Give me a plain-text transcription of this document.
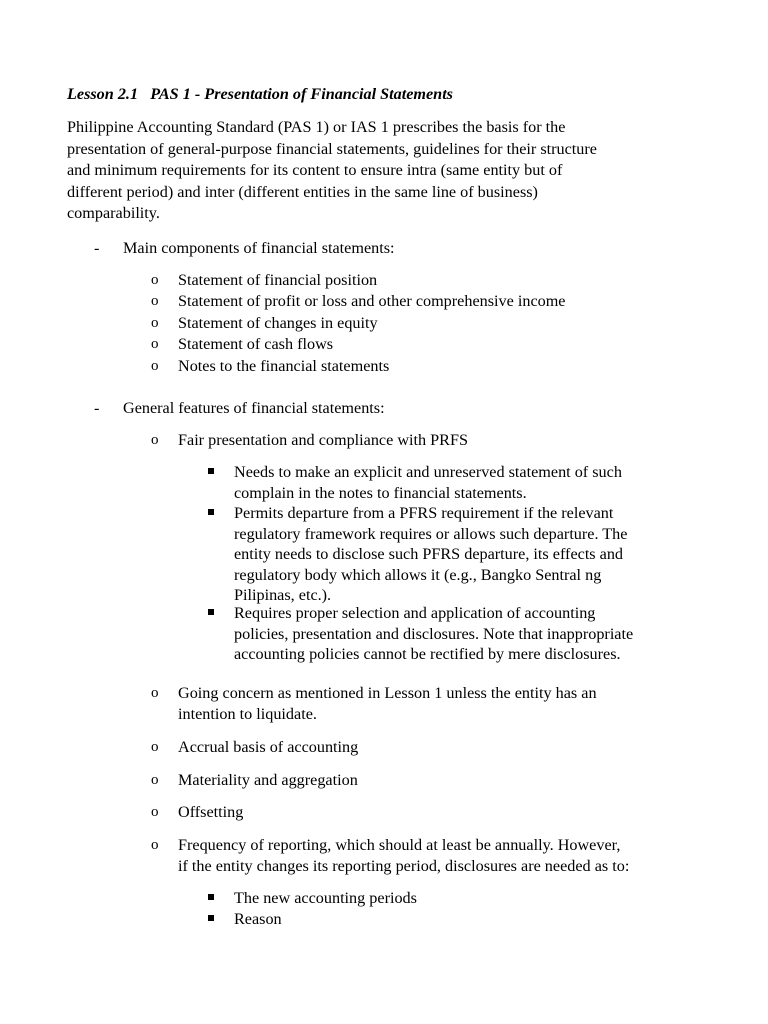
Lesson 2.1   PAS 1 - Presentation of Financial Statements

Philippine Accounting Standard (PAS 1) or IAS 1 prescribes the basis for the
presentation of general-purpose financial statements, guidelines for their structure
and minimum requirements for its content to ensure intra (same entity but of
different period) and inter (different entities in the same line of business)
comparability.

- Main components of financial statements:
o Statement of financial position
o Statement of profit or loss and other comprehensive income
o Statement of changes in equity
o Statement of cash flows
o Notes to the financial statements
- General features of financial statements:
o Fair presentation and compliance with PRFS
Needs to make an explicit and unreserved statement of such
complain in the notes to financial statements.
Permits departure from a PFRS requirement if the relevant
regulatory framework requires or allows such departure. The
entity needs to disclose such PFRS departure, its effects and
regulatory body which allows it (e.g., Bangko Sentral ng
Pilipinas, etc.).
Requires proper selection and application of accounting
policies, presentation and disclosures. Note that inappropriate
accounting policies cannot be rectified by mere disclosures.
o Going concern as mentioned in Lesson 1 unless the entity has an
intention to liquidate.
o Accrual basis of accounting
o Materiality and aggregation
o Offsetting
o Frequency of reporting, which should at least be annually. However,
if the entity changes its reporting period, disclosures are needed as to:
The new accounting periods
Reason
